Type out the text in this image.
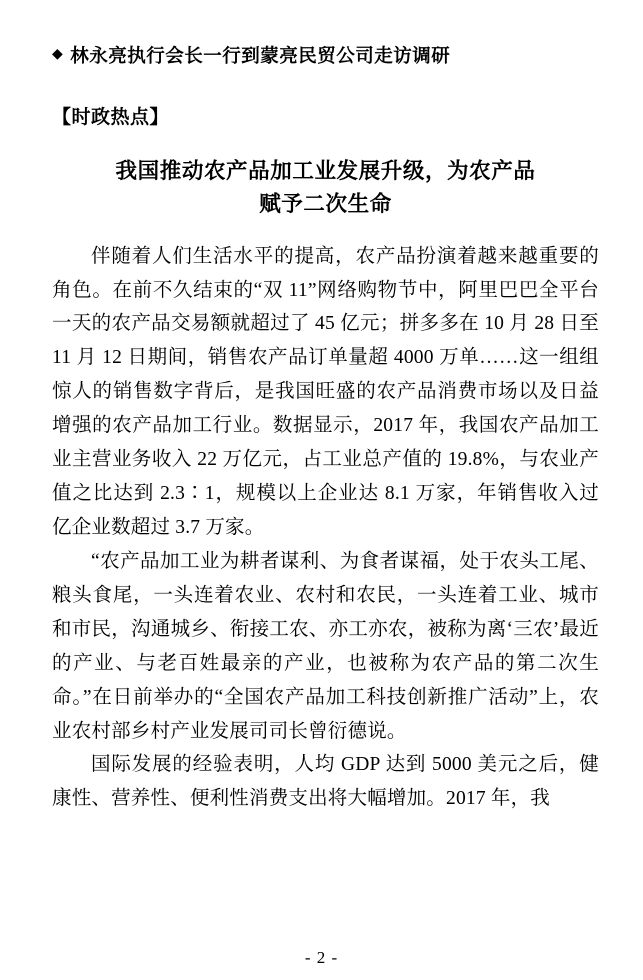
◆ 林永亮执行会长一行到蒙亮民贸公司走访调研
【时政热点】
我国推动农产品加工业发展升级，为农产品
赋予二次生命

伴随着人们生活水平的提高，农产品扮演着越来越重要的角色。在前不久结束的“双 11”网络购物节中，阿里巴巴全平台一天的农产品交易额就超过了 45 亿元；拼多多在 10 月 28 日至 11 月 12 日期间，销售农产品订单量超 4000 万单……这一组组惊人的销售数字背后，是我国旺盛的农产品消费市场以及日益增强的农产品加工行业。数据显示，2017 年，我国农产品加工业主营业务收入 22 万亿元，占工业总产值的 19.8%，与农业产值之比达到 2.3∶1，规模以上企业达 8.1 万家，年销售收入过亿企业数超过 3.7 万家。

“农产品加工业为耕者谋利、为食者谋福，处于农头工尾、粮头食尾，一头连着农业、农村和农民，一头连着工业、城市和市民，沟通城乡、衔接工农、亦工亦农，被称为离‘三农’最近的产业、与老百姓最亲的产业，也被称为农产品的第二次生命。”在日前举办的“全国农产品加工科技创新推广活动”上，农业农村部乡村产业发展司司长曾衍德说。

国际发展的经验表明，人均 GDP 达到 5000 美元之后，健康性、营养性、便利性消费支出将大幅增加。2017 年，我

- 2 -
